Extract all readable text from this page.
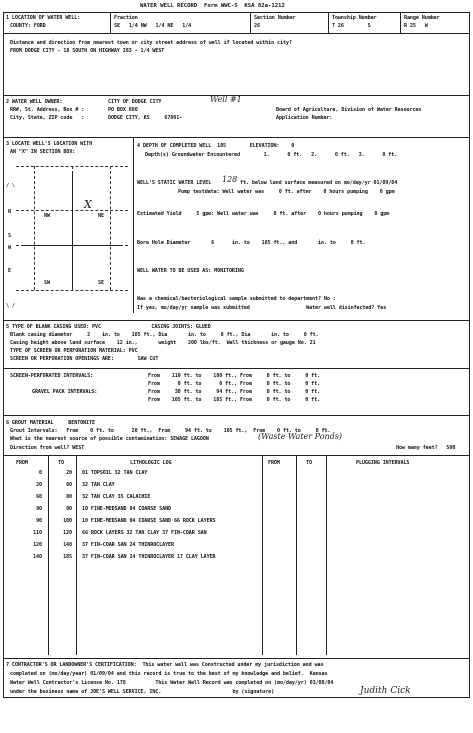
WATER WELL RECORD  Form WWC-5  KSA 82a-1212
1 LOCATION OF WATER WELL:
COUNTY: FORD
Fraction
SE   1/4 NW   1/4 NE   1/4
Section Number
26
Township Number
T 26        S
Range Number
R 25   W
Distance and direction from nearest town or city street address of well if located within city?
FROM DODGE CITY - 18 SOUTH ON HIGHWAY 283 - 1/4 WEST
2 WATER WELL OWNER:	CITY OF DODGE CITY	Well #1
RR#, St. Address, Box # :	PO BOX 880	Board of Agriculture, Division of Water Resources
City, State, ZIP code   :	DODGE CITY, KS     67801-	Application Number:
3 LOCATE WELL'S LOCATION WITH
AN "X" IN SECTION BOX:
/ \
\ /
NW	NE
SW	SE
N
W
E
S
X
4 DEPTH OF COMPLETED WELL  185        ELEVATION:    0
Depth(s) Groundwater Encountered        1.      0 ft.   2.      0 ft.   3.      0 ft.
WELL'S STATIC WATER LEVEL 128 ft. below land surface measured on mo/day/yr 01/09/04
Pump testdata: Well water was     0 ft. after    0 hours pumping    0 gpm
Estimated Yield     5 gpm: Well water was     0 ft. after    0 hours pumping    0 gpm
Bore Hole Diameter       6      in. to    185 ft., and       in. to     0 ft.
WELL WATER TO BE USED AS: MONITORING
Was a chemical/bacteriological sample submitted to department? No ;
If yes, mo/day/yr sample was submitted                   Water well disinfected? Yes
5 TYPE OF BLANK CASING USED: PVC                 CASING JOINTS: GLUED
Blank casing diameter     2    in. to    185 ft., Dia       in. to     0 ft., Dia       in. to     0 ft.
Casing height above land surface    12 in.,       weight    200 lbs/ft.  Wall thickness or gauge No. 21
TYPE OF SCREEN OR PERFORATION MATERIAL: PVC
SCREEN OR PERFORATION OPENINGS ARE:        SAW CUT
SCREEN-PERFORATED INTERVALS:	From    110 ft. to    180 ft., From     0 ft. to     0 ft.
From      0 ft. to      0 ft., From     0 ft. to     0 ft.
GRAVEL PACK INTERVALS:	From     30 ft. to     94 ft., From     0 ft. to     0 ft.
From    105 ft. to    185 ft., From     0 ft. to     0 ft.
6 GROUT MATERIAL     BENTONITE
Grout Intervals:   From    0 ft. to      20 ft.,  From     94 ft. to    105 ft.,  From    0 ft. to     0 ft.
What is the nearest source of possible contamination: SEWAGE LAGOON	(Waste Water Ponds)
Direction from well? WEST	How many feet?   500
FROM	TO	LITHOLOGIC LOG	FROM	TO	PLUGGING INTERVALS
0	20 01 TOPSOIL 32 TAN CLAY
20	60 32 TAN CLAY
60	80 32 TAN CLAY 35 CALACHIE
80	90 10 FINE-MEDSAND 04 COARSE SAND
90	100 10 FINE-MEDSAND 04 COARSE SAND 66 ROCK LAYERS
110	120 66 ROCK LAYERS 32 TAN CLAY 37 FIN-COAR SAN
120	140 37 FIN-COAR SAN 24 THINROCLAYER
140	185 37 FIN-COAR SAN 24 THINROCLAYER 17 CLAY LAYER
7 CONTRACTOR'S OR LANDOWNER'S CERTIFICATION:  This water well was Constructed under my jurisdiction and was
completed on (mo/day/year) 01/09/04 and this record is true to the best of my knowledge and belief.  Kansas
Water Well Contractor's License No. 178          This Water Well Record was completed on (mo/day/yr) 03/08/04
under the business name of JOE'S WELL SERVICE, INC.                        by (signature)	Judith Cick
